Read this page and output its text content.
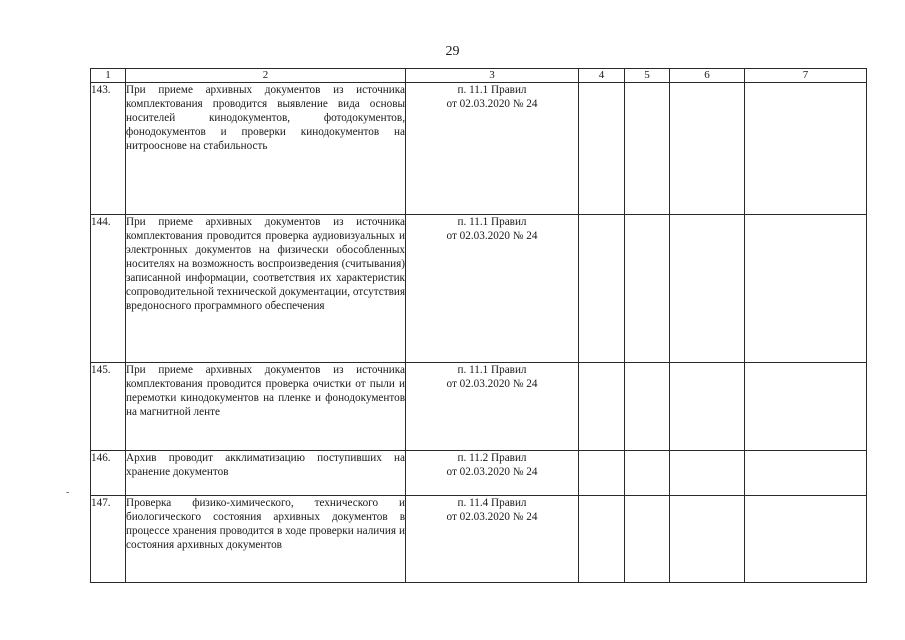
29
-
1	2	3	4	5	6	7
143.	При приеме архивных документов из источника комплектования проводится выявление вида основы носителей кинодокументов, фотодокументов, фонодокументов и проверки кинодокументов на нитрооснове на стабильность	п. 11.1 Правил
от 02.03.2020 № 24				

144.	При приеме архивных документов из источника комплектования проводится проверка аудиовизуальных и электронных документов на физически обособленных носителях на возможность воспроизведения (считывания) записанной информации, соответствия их характеристик сопроводительной технической документации, отсутствия вредоносного программного обеспечения	п. 11.1 Правил
от 02.03.2020 № 24				

145.	При приеме архивных документов из источника комплектования проводится проверка очистки от пыли и перемотки кинодокументов на пленке и фонодокументов на магнитной ленте	п. 11.1 Правил
от 02.03.2020 № 24				

146.	Архив проводит акклиматизацию поступивших на хранение документов	п. 11.2 Правил
от 02.03.2020 № 24				

147.	Проверка физико-химического, технического и биологического состояния архивных документов в процессе хранения проводится в ходе проверки наличия и состояния архивных документов	п. 11.4 Правил
от 02.03.2020 № 24				
